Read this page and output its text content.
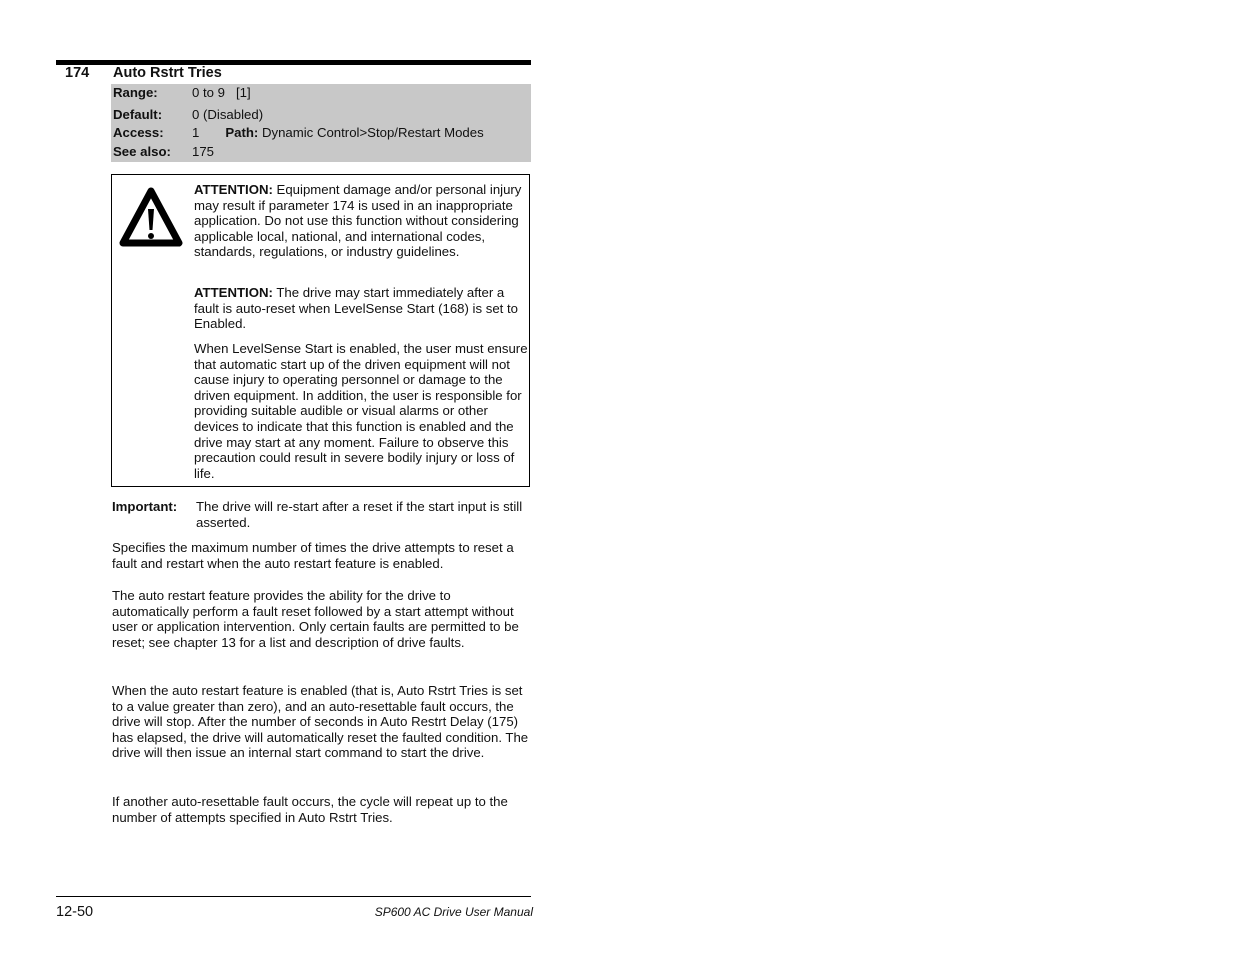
174 Auto Rstrt Tries
Range:	0 to 9   [1]
Default: 0 (Disabled)
Access: 1 Path: Dynamic Control>Stop/Restart Modes
See also: 175
ATTENTION: Equipment damage and/or personal injury may result if parameter 174 is used in an inappropriate application. Do not use this function without considering applicable local, national, and international codes, standards, regulations, or industry guidelines.
ATTENTION: The drive may start immediately after a fault is auto-reset when LevelSense Start (168) is set to Enabled.
When LevelSense Start is enabled, the user must ensure that automatic start up of the driven equipment will not cause injury to operating personnel or damage to the driven equipment. In addition, the user is responsible for providing suitable audible or visual alarms or other devices to indicate that this function is enabled and the drive may start at any moment. Failure to observe this precaution could result in severe bodily injury or loss of life.
Important: The drive will re-start after a reset if the start input is still asserted.
Specifies the maximum number of times the drive attempts to reset a fault and restart when the auto restart feature is enabled.
The auto restart feature provides the ability for the drive to automatically perform a fault reset followed by a start attempt without user or application intervention. Only certain faults are permitted to be reset; see chapter 13 for a list and description of drive faults.
When the auto restart feature is enabled (that is, Auto Rstrt Tries is set to a value greater than zero), and an auto-resettable fault occurs, the drive will stop. After the number of seconds in Auto Restrt Delay (175) has elapsed, the drive will automatically reset the faulted condition. The drive will then issue an internal start command to start the drive.
If another auto-resettable fault occurs, the cycle will repeat up to the number of attempts specified in Auto Rstrt Tries.
12-50	SP600 AC Drive User Manual
